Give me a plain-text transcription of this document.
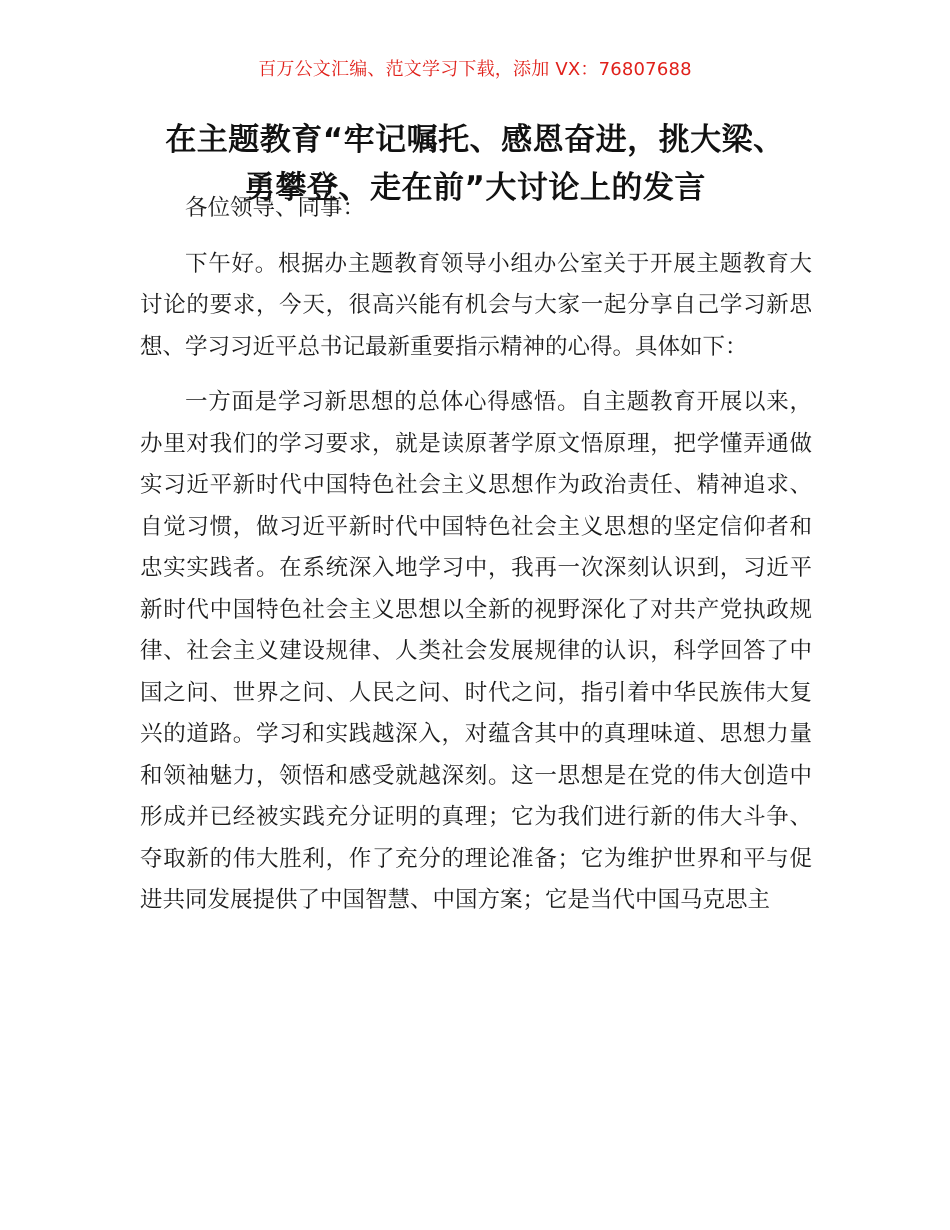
百万公文汇编、范文学习下载，添加 VX：76807688
在主题教育“牢记嘱托、感恩奋进，挑大梁、
勇攀登、走在前”大讨论上的发言

各位领导、同事：

下午好。根据办主题教育领导小组办公室关于开展主题教育大讨论的要求，今天，很高兴能有机会与大家一起分享自己学习新思想、学习习近平总书记最新重要指示精神的心得。具体如下：

一方面是学习新思想的总体心得感悟。自主题教育开展以来，办里对我们的学习要求，就是读原著学原文悟原理，把学懂弄通做实习近平新时代中国特色社会主义思想作为政治责任、精神追求、自觉习惯，做习近平新时代中国特色社会主义思想的坚定信仰者和忠实实践者。在系统深入地学习中，我再一次深刻认识到，习近平新时代中国特色社会主义思想以全新的视野深化了对共产党执政规律、社会主义建设规律、人类社会发展规律的认识，科学回答了中国之问、世界之问、人民之问、时代之问，指引着中华民族伟大复兴的道路。学习和实践越深入，对蕴含其中的真理味道、思想力量和领袖魅力，领悟和感受就越深刻。这一思想是在党的伟大创造中形成并已经被实践充分证明的真理；它为我们进行新的伟大斗争、夺取新的伟大胜利，作了充分的理论准备；它为维护世界和平与促进共同发展提供了中国智慧、中国方案；它是当代中国马克思主
